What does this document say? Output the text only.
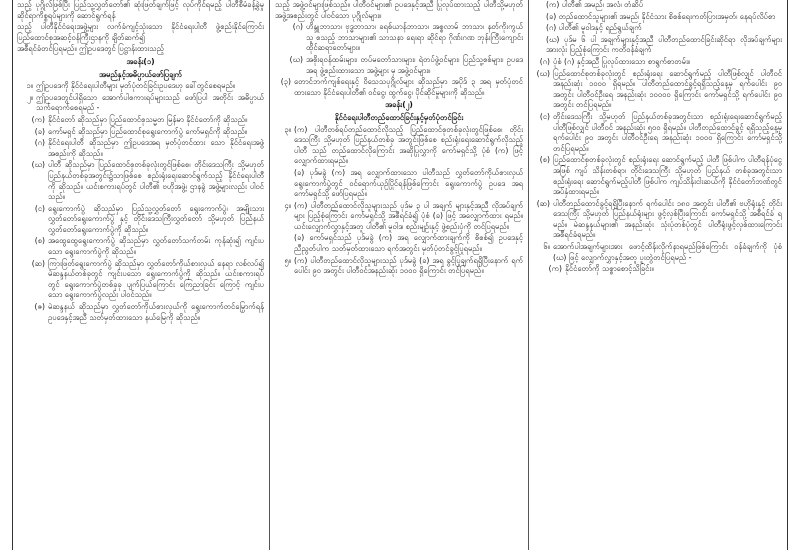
သည့် ပုဂ္ဂိုလ်ဖြစ်ပြီး ပြည်သူ့လွှတ်တော်၏ ဆုံးဖြတ်ချက်ဖြင့် လုပ်ကိုင်ရမည့် ပါတီစီမံခန့်ခွဲမှုဆိုင်ရာကိစ္စရပ်များကို ဆောင်ရွက်ရန်

သည့် ပါတီနိုင်ငံရေးအဖွဲ့များ လက်ခံကျင့်သုံးသော နိုင်ငံရေးပါတီ ဖွဲ့စည်းနိုင်ကြောင်း ပြည်ထောင်စုအဆင့်ဝန်ကြီးဌာနကို ချိတ်ဆက်၍

အစီရင်ခံတင်ပြရမည်။ ဤဥပဒေတွင် ပြဋ္ဌာန်းထားသည့်

အခန်း(၁)
အမည်နှင့်အဓိပ္ပာယ်ဖော်ပြချက်
၁။ ဤဥပဒေကို နိုင်ငံရေးပါတီများ မှတ်ပုံတင်ခြင်းဥပဒေဟု ခေါ်တွင်စေရမည်။
၂။ ဤဥပဒေတွင်ပါရှိသော အောက်ပါစကားရပ်များသည် ဖော်ပြပါ အတိုင်း အဓိပ္ပာယ် သက်ရောက်စေရမည် -
(က) နိုင်ငံတော် ဆိုသည်မှာ ပြည်ထောင်စုသမ္မတ မြန်မာ နိုင်ငံတော်ကို ဆိုသည်။
(ခ) ကော်မရှင် ဆိုသည်မှာ ပြည်ထောင်စုရွေးကောက်ပွဲ ကော်မရှင်ကို ဆိုသည်။
(ဂ) နိုင်ငံရေးပါတီ ဆိုသည်မှာ ဤဥပဒေအရ မှတ်ပုံတင်ထား သော နိုင်ငံရေးအဖွဲ့အစည်းကို ဆိုသည်။
(ဃ) ပါတီ ဆိုသည်မှာ ပြည်ထောင်စုတစ်ခုလုံးတွင်ဖြစ်စေ၊ တိုင်းဒေသကြီး သို့မဟုတ် ပြည်နယ်တစ်ခုအတွင်း၌သာဖြစ်စေ စည်းရုံးရေးဆောင်ရွက်သည့် နိုင်ငံရေးပါတီကို ဆိုသည်။ ယင်းစကားရပ်တွင် ပါတီ၏ ဗဟိုအဖွဲ့၊ ဌာနခွဲ အဖွဲ့များလည်း ပါဝင်သည်။
(င) ရွေးကောက်ပွဲ ဆိုသည်မှာ ပြည်သူ့လွှတ်တော် ရွေးကောက်ပွဲ၊ အမျိုးသားလွှတ်တော်ရွေးကောက်ပွဲ နှင့် တိုင်းဒေသကြီးလွှတ်တော် သို့မဟုတ် ပြည်နယ် လွှတ်တော်ရွေးကောက်ပွဲကို ဆိုသည်။
(စ) အထွေထွေရွေးကောက်ပွဲ ဆိုသည်မှာ လွှတ်တော်သက်တမ်း ကုန်ဆုံး၍ ကျင်းပသော ရွေးကောက်ပွဲကို ဆိုသည်။
(ဆ) ကြားဖြတ်ရွေးကောက်ပွဲ ဆိုသည်မှာ လွှတ်တော်ကိုယ်စားလှယ် နေရာ လစ်လပ်၍ မဲဆန္ဒနယ်တစ်ခုတွင် ကျင်းပသော ရွေးကောက်ပွဲကို ဆိုသည်။ ယင်းစကားရပ်တွင် ရွေးကောက်ပွဲတစ်ခုခု ပျက်ပြယ်ကြောင်း ကြေညာခြင်း ကြောင့် ကျင်းပသော ရွေးကောက်ပွဲလည်း ပါဝင်သည်။
(ဇ) မဲဆန္ဒနယ် ဆိုသည်မှာ လွှတ်တော်ကိုယ်စားလှယ်ကို ရွေးကောက်တင်မြှောက်ရန် ဥပဒေနှင့်အညီ သတ်မှတ်ထားသော နယ်မြေကို ဆိုသည်။

သည့် အဖွဲ့ဝင်များဖြစ်သည်။ ပါတီဝင်များ၏ ဥပဒေနှင့်အညီ ပြုလုပ်ထားသည့် ပါတီသို့မဟုတ် အဖွဲ့အစည်းတွင် ပါဝင်သော ပုဂ္ဂိုလ်များ။

(ဂ) ဟိန္ဒူဘာသာ၊ ဗုဒ္ဓဘာသာ၊ ခရစ်ယာန်ဘာသာ၊ အစ္စလာမ် ဘာသာ၊ နတ်ကိုးကွယ်သူ စသည့် ဘာသာများ၏ သာသနာ ရေးရာ ဆိုင်ရာ ဂိုဏ်းဂဏ ဘုန်းကြီးကျောင်းထိုင်ဆရာတော်များ။
(ဃ) အစိုးရဝန်ထမ်းများ၊ တပ်မတော်သားများ၊ ရဲတပ်ဖွဲ့ဝင်များ၊ ပြည်သူ့စစ်များ၊ ဥပဒေအရ ဖွဲ့စည်းထားသော အဖွဲ့များ မှ အဖွဲ့ဝင်များ။
(၃) တောင်ဘက်ကျစ်ရေးနှင့် ဝိသေသပုဂ္ဂိုလ်များ ဆိုသည်မှာ အပိုဒ် ၃ အရ မှတ်ပုံတင်ထားသော နိုင်ငံရေးပါတီ၏ ဝင်ငွေ၊ ထွက်ငွေ၊ ပိုင်ဆိုင်မှုများကို ဆိုသည်။
အခန်း(၂)
နိုင်ငံရေးပါတီတည်ထောင်ခြင်းနှင့်မှတ်ပုံတင်ခြင်း
၃။ (က) ပါတီတစ်ရပ်တည်ထောင်လိုသည့် ပြည်ထောင်စုတစ်ခုလုံးတွင်ဖြစ်စေ၊ တိုင်းဒေသကြီး သို့မဟုတ် ပြည်နယ်တစ်ခု အတွင်းဖြစ်စေ စည်းရုံးရေးဆောင်ရွက်လိုသည့် ပါတီ သည် တည်ထောင်လိုကြောင်း အဆိုပြုလွှာကို ကော်မရှင်သို့ ပုံစံ (က) ဖြင့် လျှောက်ထားရမည်။
(ခ) ပုဒ်မခွဲ (က) အရ လျှောက်ထားသော ပါတီသည် လွှတ်တော်ကိုယ်စားလှယ် ရွေးကောက်ပွဲတွင် ဝင်ရောက်ယှဉ်ပြိုင်ရန်ဖြစ်ကြောင်း ရွေးကောက်ပွဲ ဥပဒေ အရ ကော်မရှင်သို့ ဖော်ပြရမည်။
၄။ (က) ပါတီတည်ထောင်လိုသူများသည် ပုဒ်မ ၃ ပါ အချက် များနှင့်အညီ လိုအပ်ချက်များ ပြည့်စုံကြောင်း ကော်မရှင်သို့ အစီရင်ခံ၍ ပုံစံ (ခ) ဖြင့် အလျှောက်ထား ရမည်။ ယင်းလျှောက်လွှာနှင့်အတူ ပါတီ၏ မူဝါဒ၊ စည်းမျဉ်းနှင့် ဖွဲ့စည်းပုံကို တင်ပြရမည်။
(ခ) ကော်မရှင်သည် ပုဒ်မခွဲ (က) အရ လျှောက်ထားချက်ကို စိစစ်၍ ဥပဒေနှင့်ညီညွတ်ပါက သတ်မှတ်ထားသော ရက်အတွင်း မှတ်ပုံတင်ခွင့်ပြုရမည်။
၅။ (က) ပါတီတည်ထောင်လိုသူများသည် ပုဒ်မခွဲ (ခ) အရ ခွင့်ပြုချက်ရရှိပြီးနောက် ရက်ပေါင်း ၉၀ အတွင်း ပါတီဝင်အနည်းဆုံး ၁၀၀၀ ရှိကြောင်း တင်ပြရမည်။

(က) ပါတီ၏ အမည်၊ အလံ၊ တံဆိပ်

(ခ) တည်ထောင်သူများ၏ အမည်၊ နိုင်ငံသား စိစစ်ရေးကတ်ပြားအမှတ်၊ နေရပ်လိပ်စာ

(ဂ) ပါတီ၏ မူဝါဒနှင့် ရည်ရွယ်ချက်

(ဃ) ပုဒ်မ ၆ ပါ အချက်များနှင့်အညီ ပါတီတည်ထောင်ခြင်းဆိုင်ရာ လိုအပ်ချက်များ အားလုံး ပြည့်စုံကြောင်း ကတိဝန်ခံချက်

(ဂ) ပုံစံ (ဂ) နှင့်အညီ ပြုလုပ်ထားသော စာရွက်စာတမ်း။
(ဃ) ပြည်ထောင်စုတစ်ခုလုံးတွင် စည်းရုံးရေး ဆောင်ရွက်မည့် ပါတီဖြစ်လျှင် ပါတီဝင်အနည်းဆုံး ၁၀၀၀ ရှိရမည်။ ပါတီတည်ထောင်ခွင့်ရရှိသည့်နေ့မှ ရက်ပေါင်း ၉၀ အတွင်း ပါတီဝင်ဦးရေ အနည်းဆုံး ၁၀၀၀၀ ရှိကြောင်း ကော်မရှင်သို့ ရက်ပေါင်း ၉၀ အတွင်း တင်ပြရမည်။
(င) တိုင်းဒေသကြီး သို့မဟုတ် ပြည်နယ်တစ်ခုအတွင်းသာ စည်းရုံးရေးဆောင်ရွက်မည့် ပါတီဖြစ်လျှင် ပါတီဝင် အနည်းဆုံး ၅၀၀ ရှိရမည်။ ပါတီတည်ထောင်ခွင့် ရရှိသည့်နေ့မှ ရက်ပေါင်း ၉၀ အတွင်း ပါတီဝင်ဦးရေ အနည်းဆုံး ၁၀၀၀ ရှိကြောင်း ကော်မရှင်သို့ တင်ပြရမည်။
(စ) ပြည်ထောင်စုတစ်ခုလုံးတွင် စည်းရုံးရေး ဆောင်ရွက်မည့် ပါတီ ဖြစ်ပါက ပါတီရန်ပုံငွေအဖြစ် ကျပ် သိန်းတစ်ရာ၊ တိုင်းဒေသကြီး သို့မဟုတ် ပြည်နယ် တစ်ခုအတွင်းသာ စည်းရုံးရေး ဆောင်ရွက်မည့်ပါတီ ဖြစ်ပါက ကျပ်သိန်းငါးဆယ်ကို နိုင်ငံတော်ဘဏ်တွင် အပ်နှံထားရမည်။
(ဆ) ပါတီတည်ထောင်ခွင့်ရရှိပြီးနောက် ရက်ပေါင်း ၁၈၀ အတွင်း ပါတီ၏ ဗဟိုရုံးနှင့် တိုင်းဒေသကြီး သို့မဟုတ် ပြည်နယ်ရုံးများ ဖွင့်လှစ်ပြီးကြောင်း ကော်မရှင်သို့ အစီရင်ခံ ရမည်။ မဲဆန္ဒနယ်များ၏ အနည်းဆုံး သုံးပုံတစ်ပုံတွင် ပါတီရုံးဖွင့်လှစ်ထားကြောင်း အစီရင်ခံရမည်။
၆။ အောက်ပါအချက်များအား ဖောင့်ထိန်းလိုက်နာရမည်ဖြစ်ကြောင်း ဝန်ခံချက်ကို ပုံစံ (ဃ) ဖြင့် လျှောက်လွှာနှင့်အတူ ပူးတွဲတင်ပြရမည် -
(က) နိုင်ငံတော်ကို သစ္စာစောင့်သိခြင်း။
